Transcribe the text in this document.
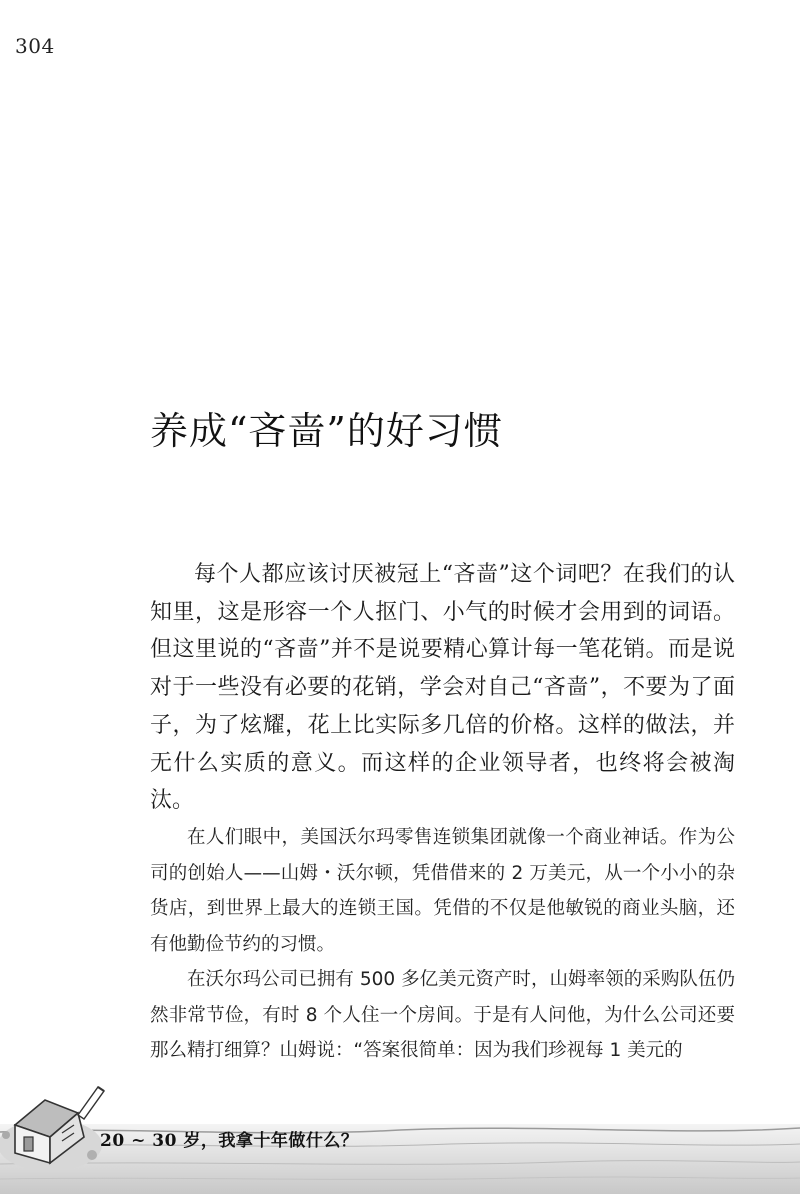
304
养成“吝啬”的好习惯

每个人都应该讨厌被冠上“吝啬”这个词吧？在我们的认知里，这是形容一个人抠门、小气的时候才会用到的词语。但这里说的“吝啬”并不是说要精心算计每一笔花销。而是说对于一些没有必要的花销，学会对自己“吝啬”，不要为了面子，为了炫耀，花上比实际多几倍的价格。这样的做法，并无什么实质的意义。而这样的企业领导者，也终将会被淘汰。

在人们眼中，美国沃尔玛零售连锁集团就像一个商业神话。作为公司的创始人——山姆・沃尔顿，凭借借来的 2 万美元，从一个小小的杂货店，到世界上最大的连锁王国。凭借的不仅是他敏锐的商业头脑，还有他勤俭节约的习惯。

在沃尔玛公司已拥有 500 多亿美元资产时，山姆率领的采购队伍仍然非常节俭，有时 8 个人住一个房间。于是有人问他，为什么公司还要那么精打细算？山姆说：“答案很简单：因为我们珍视每 1 美元的

20 ~ 30 岁，我拿十年做什么？
